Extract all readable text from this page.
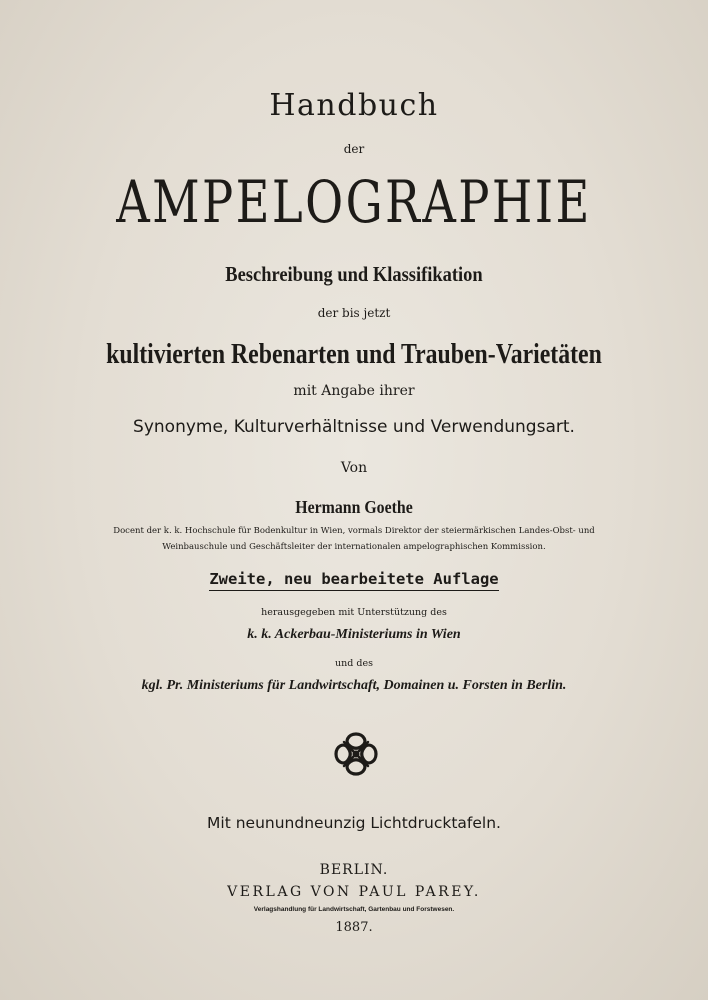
Handbuch
der
AMPELOGRAPHIE
Beschreibung und Klassifikation
der bis jetzt
kultivierten Rebenarten und Trauben-Varietäten
mit Angabe ihrer
Synonyme, Kulturverhältnisse und Verwendungsart.
Von
Hermann Goethe
Docent der k. k. Hochschule für Bodenkultur in Wien, vormals Direktor der steiermärkischen Landes-Obst- und
Weinbauschule und Geschäftsleiter der internationalen ampelographischen Kommission.
Zweite, neu bearbeitete Auflage
herausgegeben mit Unterstützung des
k. k. Ackerbau-Ministeriums in Wien
und des
kgl. Pr. Ministeriums für Landwirtschaft, Domainen u. Forsten in Berlin.
Mit neunundneunzig Lichtdrucktafeln.
BERLIN.
VERLAG VON PAUL PAREY.
Verlagshandlung für Landwirtschaft, Gartenbau und Forstwesen.
1887.
